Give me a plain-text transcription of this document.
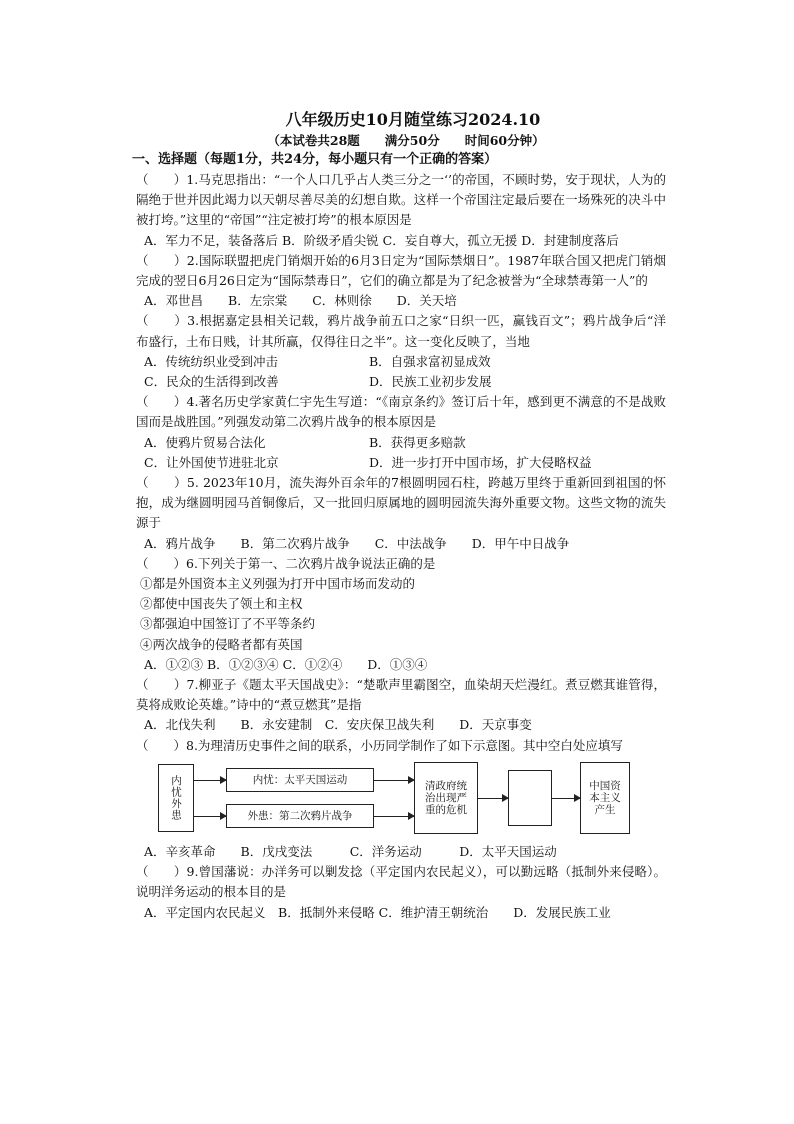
八年级历史10月随堂练习2024.10
（本试卷共28题　　满分50分　　时间60分钟）
一、选择题（每题1分，共24分，每小题只有一个正确的答案）
（　　）1.马克思指出：“一个人口几乎占人类三分之一‘’的帝国，不顾时势，安于现状，人为的隔绝于世并因此竭力以天朝尽善尽美的幻想自欺。这样一个帝国注定最后要在一场殊死的决斗中被打垮。”这里的“帝国”“注定被打垮”的根本原因是
A．军力不足，装备落后 B．阶级矛盾尖锐 C．妄自尊大，孤立无援 D．封建制度落后
（　　）2.国际联盟把虎门销烟开始的6月3日定为“国际禁烟日”。1987年联合国又把虎门销烟完成的翌日6月26日定为“国际禁毒日”，它们的确立都是为了纪念被誉为“全球禁毒第一人”的
A．邓世昌　　B．左宗棠　　C．林则徐　　D．关天培
（　　）3.根据嘉定县相关记载，鸦片战争前五口之家“日织一匹，赢钱百文”；鸦片战争后“洋布盛行，土布日贱，计其所赢，仅得往日之半”。这一变化反映了，当地
A．传统纺织业受到冲击	B．自强求富初显成效
C．民众的生活得到改善	D．民族工业初步发展
（　　）4.著名历史学家黄仁宇先生写道：“《南京条约》签订后十年，感到更不满意的不是战败国而是战胜国。”列强发动第二次鸦片战争的根本原因是
A．使鸦片贸易合法化	B．获得更多赔款
C．让外国使节进驻北京	D．进一步打开中国市场，扩大侵略权益
（　　）5. 2023年10月，流失海外百余年的7根圆明园石柱，跨越万里终于重新回到祖国的怀抱，成为继圆明园马首铜像后，又一批回归原属地的圆明园流失海外重要文物。这些文物的流失源于
A．鸦片战争　　B．第二次鸦片战争　　C．中法战争　　D．甲午中日战争
（　　）6.下列关于第一、二次鸦片战争说法正确的是
①都是外国资本主义列强为打开中国市场而发动的
②都使中国丧失了领土和主权
③都强迫中国签订了不平等条约
④两次战争的侵略者都有英国
A．①②③ B．①②③④ C．①②④　　D．①③④
（　　）7.柳亚子《题太平天国战史》：“楚歌声里霸图空，血染胡天烂漫红。煮豆燃萁谁管得，莫将成败论英雄。”诗中的“煮豆燃萁”是指
A．北伐失利　　B．永安建制　C．安庆保卫战失利　　D．天京事变
（　　）8.为理清历史事件之间的联系，小历同学制作了如下示意图。其中空白处应填写
内忧外患	内忧：太平天国运动
外患：第二次鸦片战争
清政府统治出现严重的危机
中国资本主义产生
A．辛亥革命　　B．戊戌变法　　　C．洋务运动　　　D．太平天国运动
（　　）9.曾国藩说：办洋务可以剿发捻（平定国内农民起义），可以勤远略（抵制外来侵略）。说明洋务运动的根本目的是
A．平定国内农民起义　B．抵制外来侵略 C．维护清王朝统治　　D．发展民族工业
